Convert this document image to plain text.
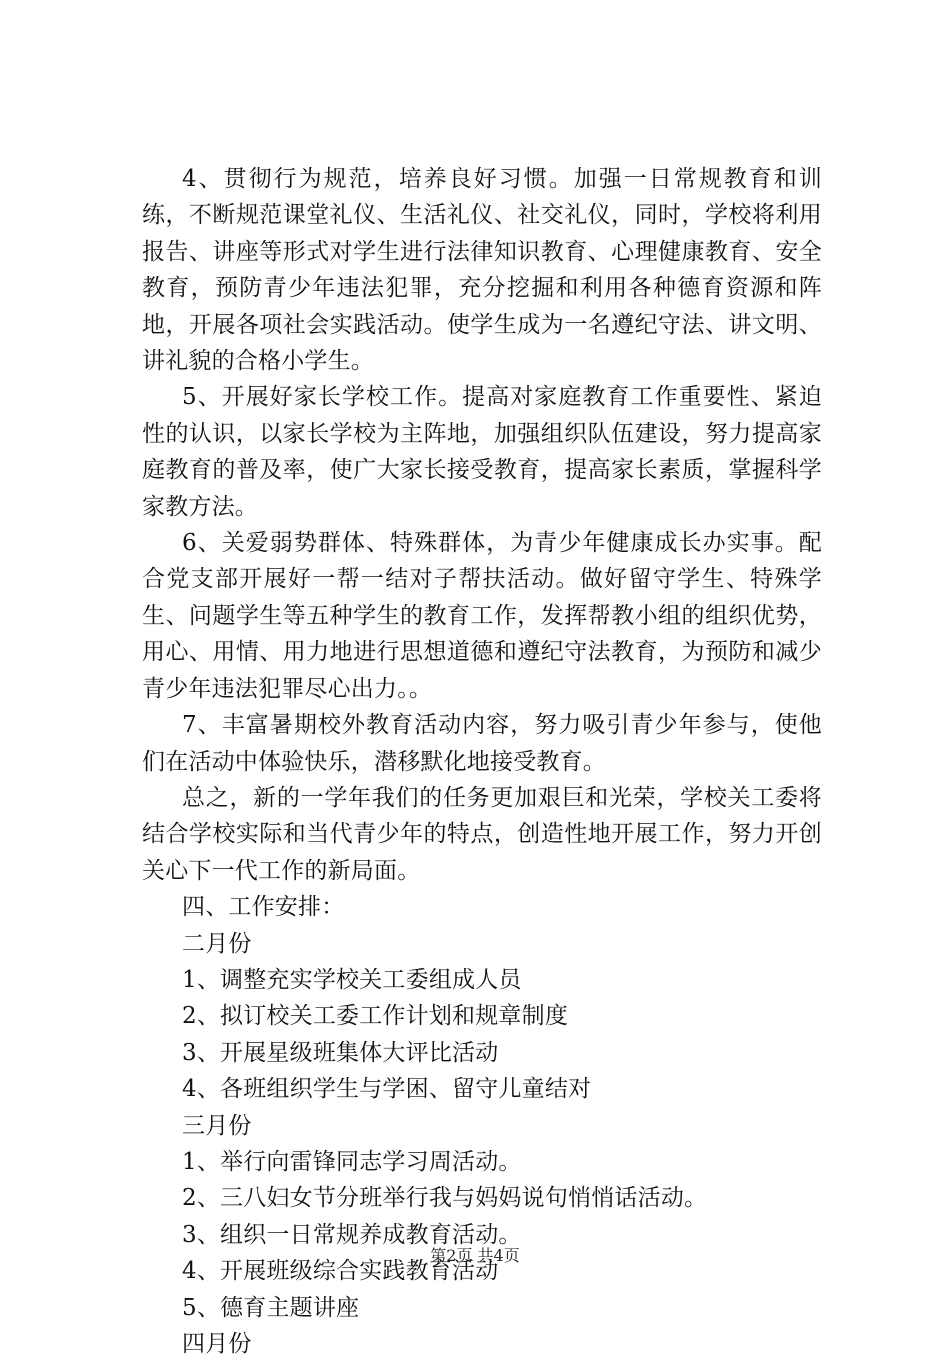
4、贯彻行为规范，培养良好习惯。加强一日常规教育和训练，不断规范课堂礼仪、生活礼仪、社交礼仪，同时，学校将利用报告、讲座等形式对学生进行法律知识教育、心理健康教育、安全教育，预防青少年违法犯罪，充分挖掘和利用各种德育资源和阵地，开展各项社会实践活动。使学生成为一名遵纪守法、讲文明、讲礼貌的合格小学生。

5、开展好家长学校工作。提高对家庭教育工作重要性、紧迫性的认识，以家长学校为主阵地，加强组织队伍建设，努力提高家庭教育的普及率，使广大家长接受教育，提高家长素质，掌握科学家教方法。

6、关爱弱势群体、特殊群体，为青少年健康成长办实事。配合党支部开展好一帮一结对子帮扶活动。做好留守学生、特殊学生、问题学生等五种学生的教育工作，发挥帮教小组的组织优势，用心、用情、用力地进行思想道德和遵纪守法教育，为预防和减少青少年违法犯罪尽心出力。。

7、丰富暑期校外教育活动内容，努力吸引青少年参与，使他们在活动中体验快乐，潜移默化地接受教育。

总之，新的一学年我们的任务更加艰巨和光荣，学校关工委将结合学校实际和当代青少年的特点，创造性地开展工作，努力开创关心下一代工作的新局面。

四、工作安排：

二月份

1、调整充实学校关工委组成人员

2、拟订校关工委工作计划和规章制度

3、开展星级班集体大评比活动

4、各班组织学生与学困、留守儿童结对

三月份

1、举行向雷锋同志学习周活动。

2、三八妇女节分班举行我与妈妈说句悄悄话活动。

3、组织一日常规养成教育活动。

4、开展班级综合实践教育活动

5、德育主题讲座

四月份

第2页 共4页
